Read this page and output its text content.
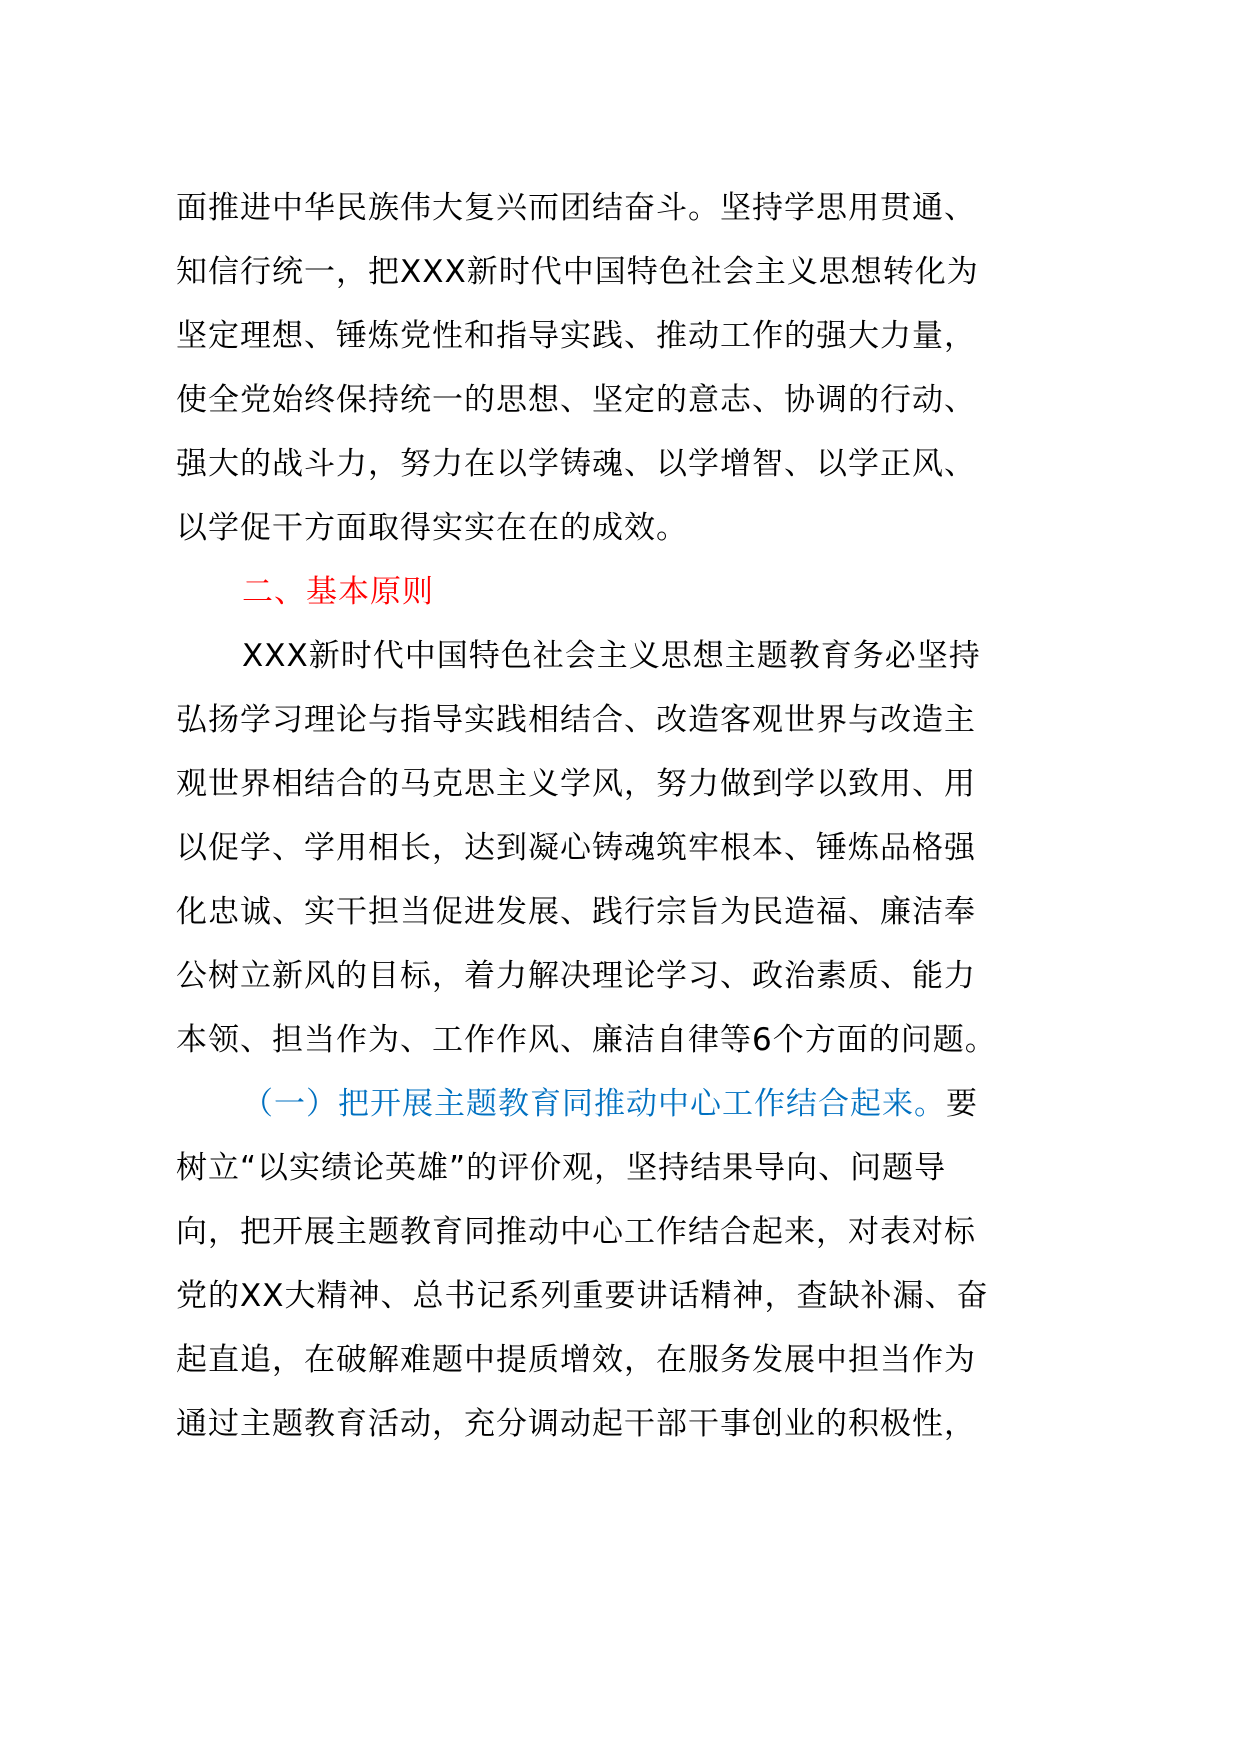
面推进中华民族伟大复兴而团结奋斗。坚持学思用贯通、
知信行统一，把XXX新时代中国特色社会主义思想转化为
坚定理想、锤炼党性和指导实践、推动工作的强大力量，
使全党始终保持统一的思想、坚定的意志、协调的行动、
强大的战斗力，努力在以学铸魂、以学增智、以学正风、
以学促干方面取得实实在在的成效。
二、基本原则
XXX新时代中国特色社会主义思想主题教育务必坚持
弘扬学习理论与指导实践相结合、改造客观世界与改造主
观世界相结合的马克思主义学风，努力做到学以致用、用
以促学、学用相长，达到凝心铸魂筑牢根本、锤炼品格强
化忠诚、实干担当促进发展、践行宗旨为民造福、廉洁奉
公树立新风的目标，着力解决理论学习、政治素质、能力
本领、担当作为、工作作风、廉洁自律等6个方面的问题。
（一）把开展主题教育同推动中心工作结合起来。要
树立“以实绩论英雄”的评价观，坚持结果导向、问题导
向，把开展主题教育同推动中心工作结合起来，对表对标
党的XX大精神、总书记系列重要讲话精神，查缺补漏、奋
起直追，在破解难题中提质增效，在服务发展中担当作为
通过主题教育活动，充分调动起干部干事创业的积极性，
